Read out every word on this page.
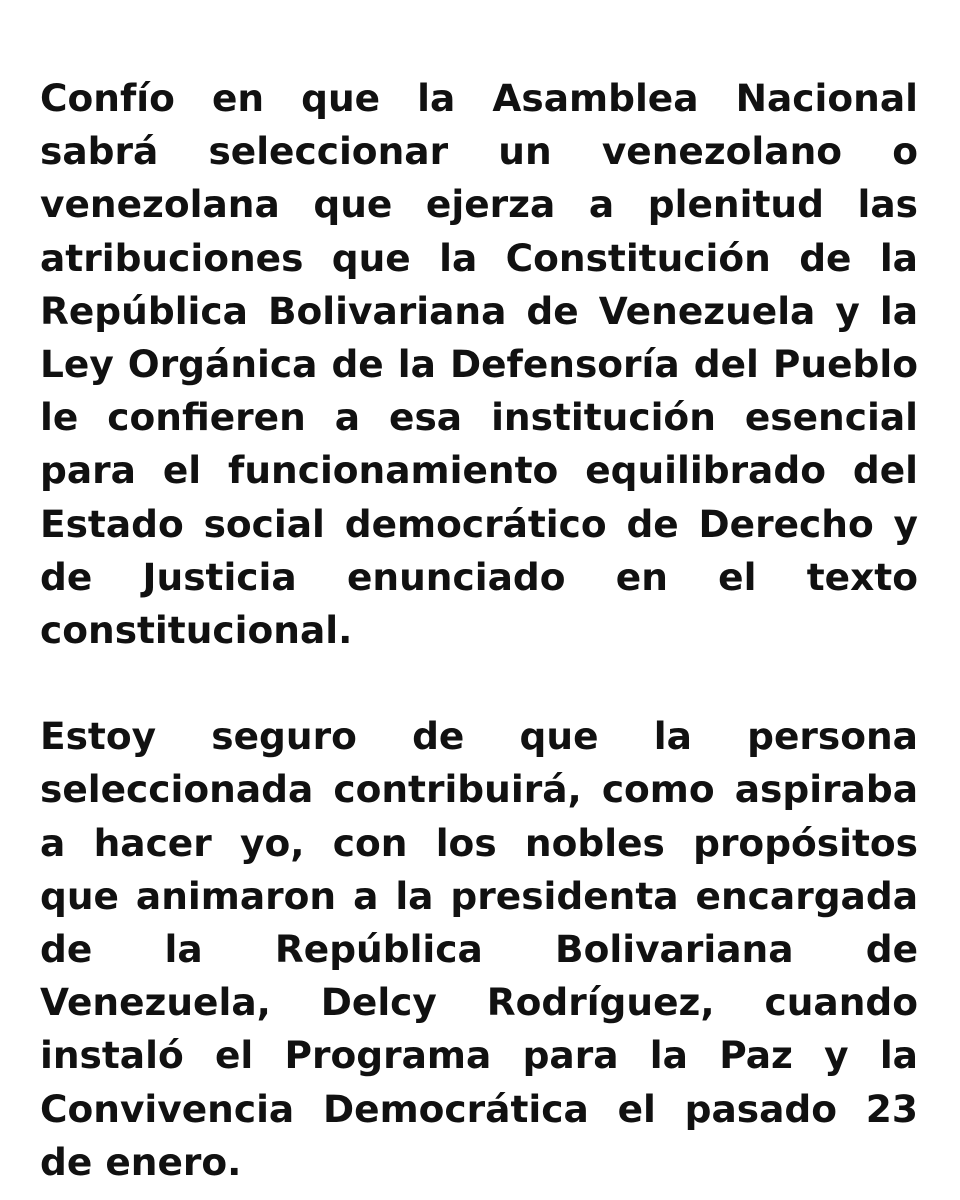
Confío en que la Asamblea Nacional sabrá seleccionar un venezolano o venezolana que ejerza a plenitud las atribuciones que la Constitución de la República Bolivariana de Venezuela y la Ley Orgánica de la Defensoría del Pueblo le confieren a esa institución esencial para el funcionamiento equilibrado del Estado social democrático de Derecho y de Justicia enunciado en el texto constitucional.

Estoy seguro de que la persona seleccionada contribuirá, como aspiraba a hacer yo, con los nobles propósitos que animaron a la presidenta encargada de la República Bolivariana de Venezuela, Delcy Rodríguez, cuando instaló el Programa para la Paz y la Convivencia Democrática el pasado 23 de enero.
